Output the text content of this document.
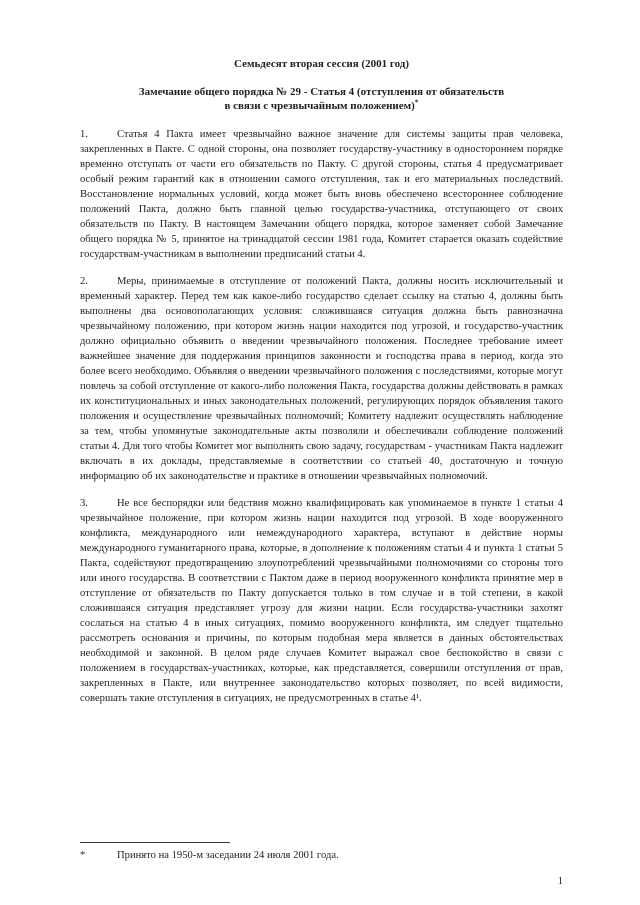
Семьдесят вторая сессия (2001 год)
Замечание общего порядка № 29 - Статья 4 (отступления от обязательств
в связи с чрезвычайным положением)*

1.	Статья 4 Пакта имеет чрезвычайно важное значение для системы защиты прав человека, закрепленных в Пакте. С одной стороны, она позволяет государству-участнику в одностороннем порядке временно отступать от части его обязательств по Пакту. С другой стороны, статья 4 предусматривает особый режим гарантий как в отношении самого отступления, так и его материальных последствий. Восстановление нормальных условий, когда может быть вновь обеспечено всестороннее соблюдение положений Пакта, должно быть главной целью государства-участника, отступающего от своих обязательств по Пакту. В настоящем Замечании общего порядка, которое заменяет собой Замечание общего порядка № 5, принятое на тринадцатой сессии 1981 года, Комитет старается оказать содействие государствам-участникам в выполнении предписаний статьи 4.

2.	Меры, принимаемые в отступление от положений Пакта, должны носить исключительный и временный характер. Перед тем как какое-либо государство сделает ссылку на статью 4, должны быть выполнены два основополагающих условия: сложившаяся ситуация должна быть равнозначна чрезвычайному положению, при котором жизнь нации находится под угрозой, и государство-участник должно официально объявить о введении чрезвычайного положения. Последнее требование имеет важнейшее значение для поддержания принципов законности и господства права в период, когда это более всего необходимо. Объявляя о введении чрезвычайного положения с последствиями, которые могут повлечь за собой отступление от какого-либо положения Пакта, государства должны действовать в рамках их конституциональных и иных законодательных положений, регулирующих порядок объявления такого положения и осуществление чрезвычайных полномочий; Комитету надлежит осуществлять наблюдение за тем, чтобы упомянутые законодательные акты позволяли и обеспечивали соблюдение положений статьи 4. Для того чтобы Комитет мог выполнять свою задачу, государствам - участникам Пакта надлежит включать в их доклады, представляемые в соответствии со статьей 40, достаточную и точную информацию об их законодательстве и практике в отношении чрезвычайных полномочий.

3.	Не все беспорядки или бедствия можно квалифицировать как упоминаемое в пункте 1 статьи 4 чрезвычайное положение, при котором жизнь нации находится под угрозой. В ходе вооруженного конфликта, международного или немеждународного характера, вступают в действие нормы международного гуманитарного права, которые, в дополнение к положениям статьи 4 и пункта 1 статьи 5 Пакта, содействуют предотвращению злоупотреблений чрезвычайными полномочиями со стороны того или иного государства. В соответствии с Пактом даже в период вооруженного конфликта принятие мер в отступление от обязательств по Пакту допускается только в том случае и в той степени, в какой сложившаяся ситуация представляет угрозу для жизни нации. Если государства-участники захотят сослаться на статью 4 в иных ситуациях, помимо вооруженного конфликта, им следует тщательно рассмотреть основания и причины, по которым подобная мера является в данных обстоятельствах необходимой и законной. В целом ряде случаев Комитет выражал свое беспокойство в связи с положением в государствах-участниках, которые, как представляется, совершили отступления от прав, закрепленных в Пакте, или внутреннее законодательство которых позволяет, по всей видимости, совершать такие отступления в ситуациях, не предусмотренных в статье 4¹.

*	Принято на 1950-м заседании 24 июля 2001 года.

1
